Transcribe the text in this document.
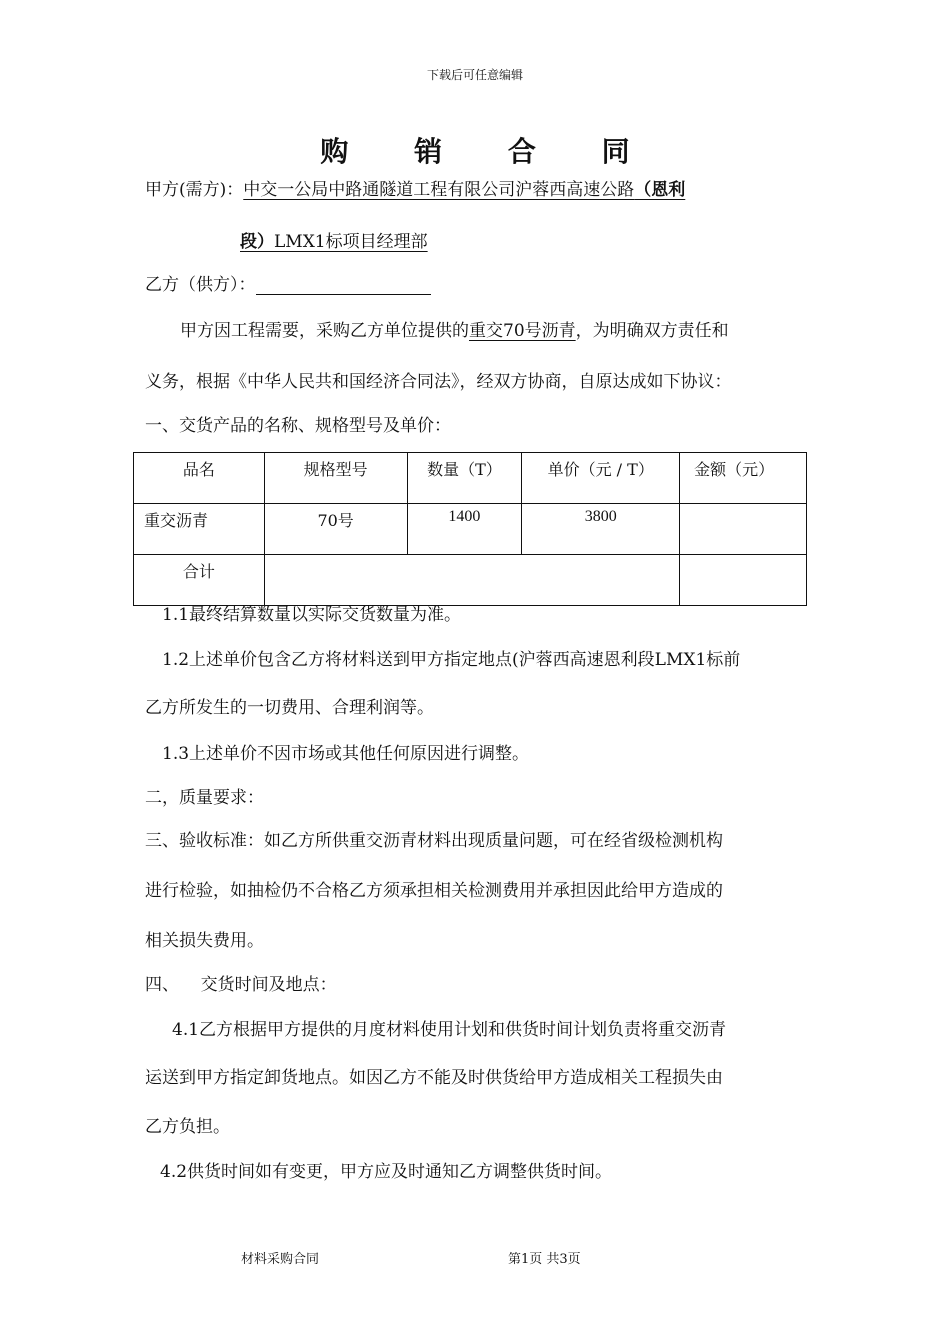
下载后可任意编辑
购 销 合 同
甲方(需方)：中交一公局中路通隧道工程有限公司沪蓉西高速公路（恩利
段）LMX1标项目经理部
乙方（供方）：
甲方因工程需要，采购乙方单位提供的重交70号沥青，为明确双方责任和
义务，根据《中华人民共和国经济合同法》，经双方协商，自原达成如下协议：
一、交货产品的名称、规格型号及单价：
品名	规格型号	数量（T）	单价（元 / T）	金额（元）
重交沥青	70号	1400	3800	
合计				
1.1最终结算数量以实际交货数量为准。
1.2上述单价包含乙方将材料送到甲方指定地点(沪蓉西高速恩利段LMX1标前
乙方所发生的一切费用、合理利润等。
1.3上述单价不因市场或其他任何原因进行调整。
二，质量要求：
三、验收标准：如乙方所供重交沥青材料出现质量问题，可在经省级检测机构
进行检验，如抽检仍不合格乙方须承担相关检测费用并承担因此给甲方造成的
相关损失费用。
四、    交货时间及地点：
4.1乙方根据甲方提供的月度材料使用计划和供货时间计划负责将重交沥青
运送到甲方指定卸货地点。如因乙方不能及时供货给甲方造成相关工程损失由
乙方负担。
4.2供货时间如有变更，甲方应及时通知乙方调整供货时间。
材料采购合同	第1页 共3页
